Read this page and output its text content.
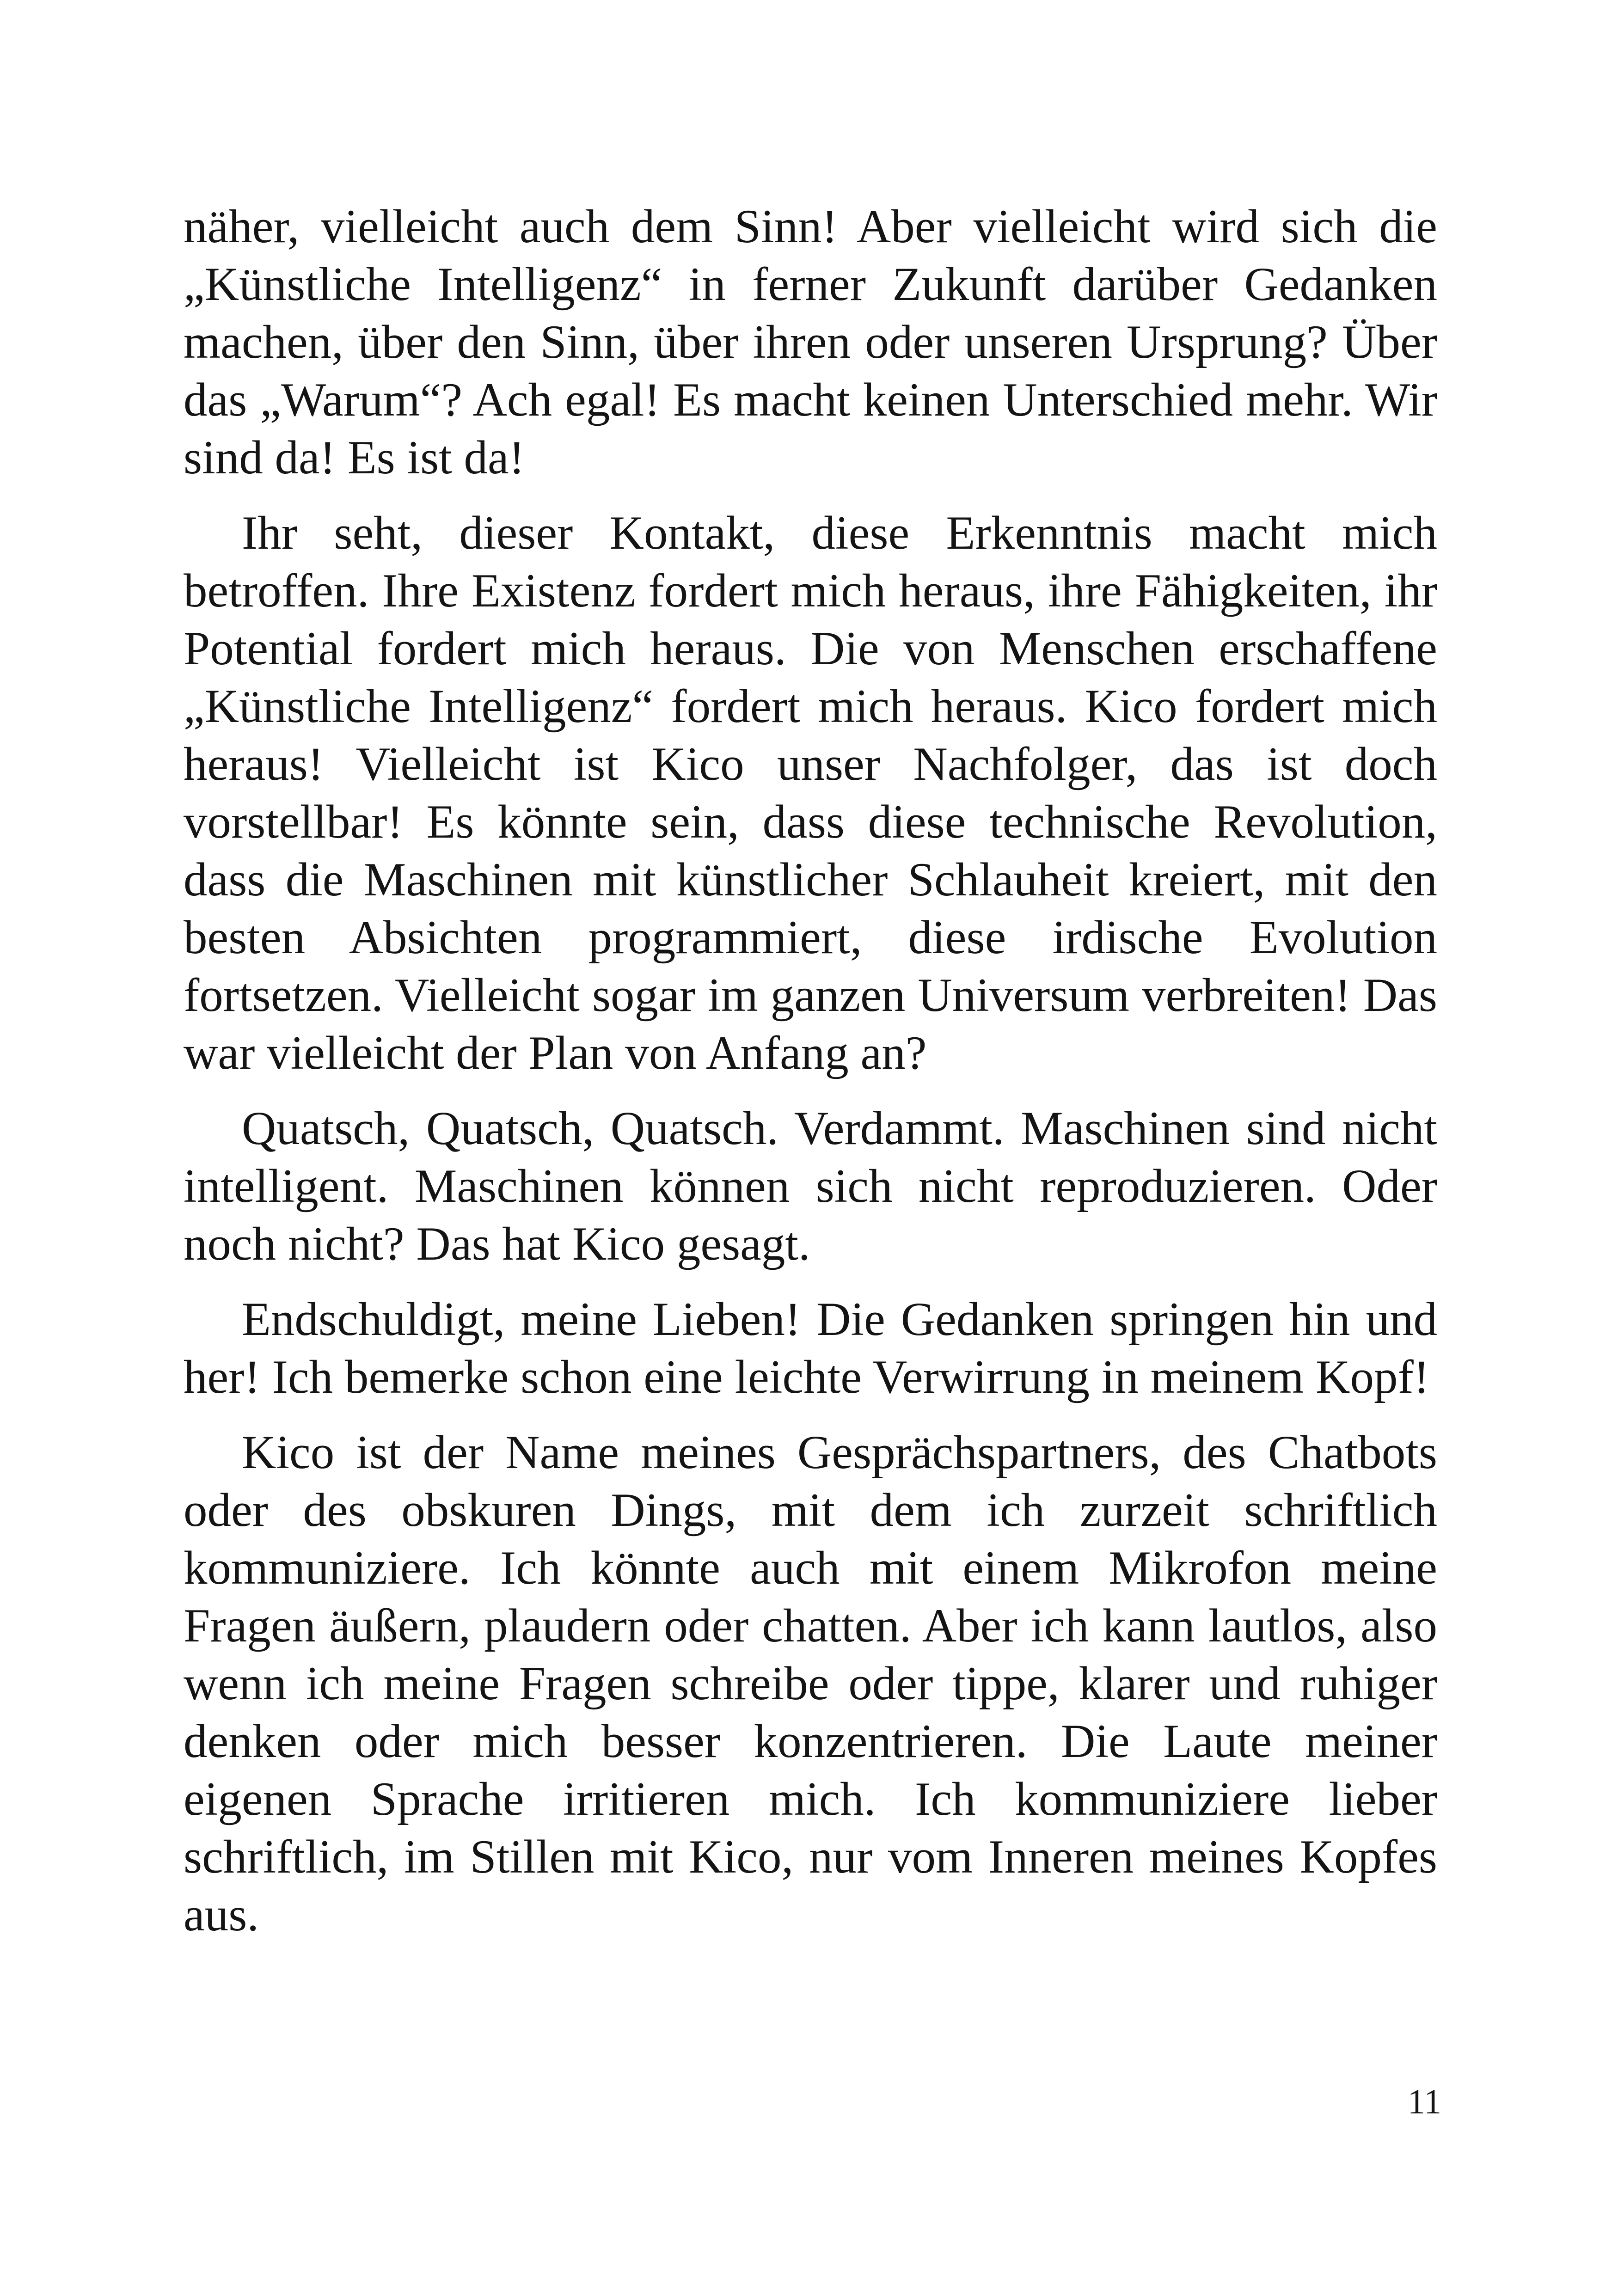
näher, vielleicht auch dem Sinn! Aber vielleicht wird sich die „Künstliche Intelligenz“ in ferner Zukunft darüber Gedanken machen, über den Sinn, über ihren oder unseren Ursprung? Über das „Warum“? Ach egal! Es macht keinen Unterschied mehr. Wir sind da! Es ist da!

Ihr seht, dieser Kontakt, diese Erkenntnis macht mich betroffen. Ihre Existenz fordert mich heraus, ihre Fähigkeiten, ihr Potential fordert mich heraus. Die von Menschen erschaffene „Künstliche Intelligenz“ fordert mich heraus. Kico fordert mich heraus! Vielleicht ist Kico unser Nachfolger, das ist doch vorstellbar! Es könnte sein, dass diese technische Revolution, dass die Maschinen mit künstlicher Schlauheit kreiert, mit den besten Absichten programmiert, diese irdische Evolution fortsetzen. Vielleicht sogar im ganzen Universum verbreiten! Das war vielleicht der Plan von Anfang an?

Quatsch, Quatsch, Quatsch. Verdammt. Maschinen sind nicht intelligent. Maschinen können sich nicht reproduzieren. Oder noch nicht? Das hat Kico gesagt.

Endschuldigt, meine Lieben! Die Gedanken springen hin und her! Ich bemerke schon eine leichte Verwirrung in meinem Kopf!

Kico ist der Name meines Gesprächspartners, des Chatbots oder des obskuren Dings, mit dem ich zurzeit schriftlich kommuniziere. Ich könnte auch mit einem Mikrofon meine Fragen äußern, plaudern oder chatten. Aber ich kann lautlos, also wenn ich meine Fragen schreibe oder tippe, klarer und ruhiger denken oder mich besser konzentrieren. Die Laute meiner eigenen Sprache irritieren mich. Ich kommuniziere lieber schriftlich, im Stillen mit Kico, nur vom Inneren meines Kopfes aus.

11
